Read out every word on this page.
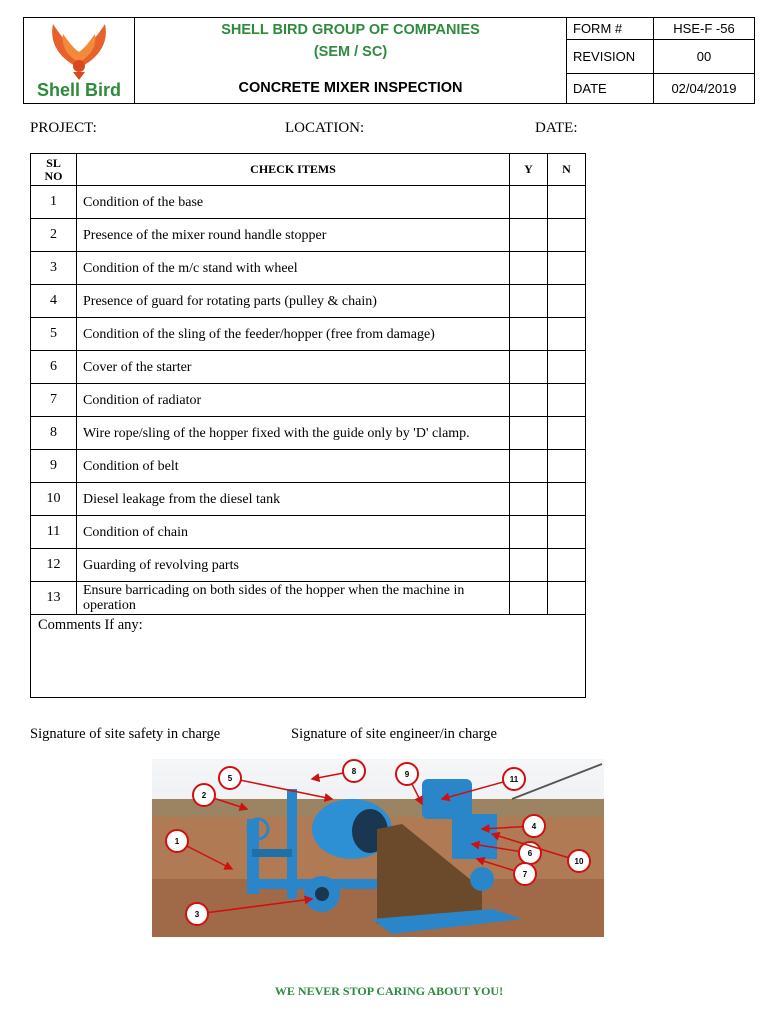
Shell Bird	SHELL BIRD GROUP OF COMPANIES
(SEM / SC)
CONCRETE MIXER INSPECTION	FORM #	HSE-F -56
		REVISION	00
		DATE	02/04/2019
PROJECT:	LOCATION:	DATE:
SL
NO	CHECK ITEMS	Y	N
1	Condition of the base		
2	Presence of the mixer round handle stopper		
3	Condition of the m/c stand with wheel		
4	Presence of guard for rotating parts (pulley & chain)		
5	Condition of the sling of the feeder/hopper (free from damage)		
6	Cover of the starter		
7	Condition of radiator		
8	Wire rope/sling of the hopper fixed with the guide only by 'D' clamp.		
9	Condition of belt		
10	Diesel leakage from the diesel tank		
11	Condition of chain		
12	Guarding of revolving parts		
13	Ensure barricading on both sides of the hopper when the machine in operation		
Comments If any:			
Signature of site safety in charge	Signature of site engineer/in charge
1
2
3
4
5
6
7
8	9
10
11
WE NEVER STOP CARING ABOUT YOU!
